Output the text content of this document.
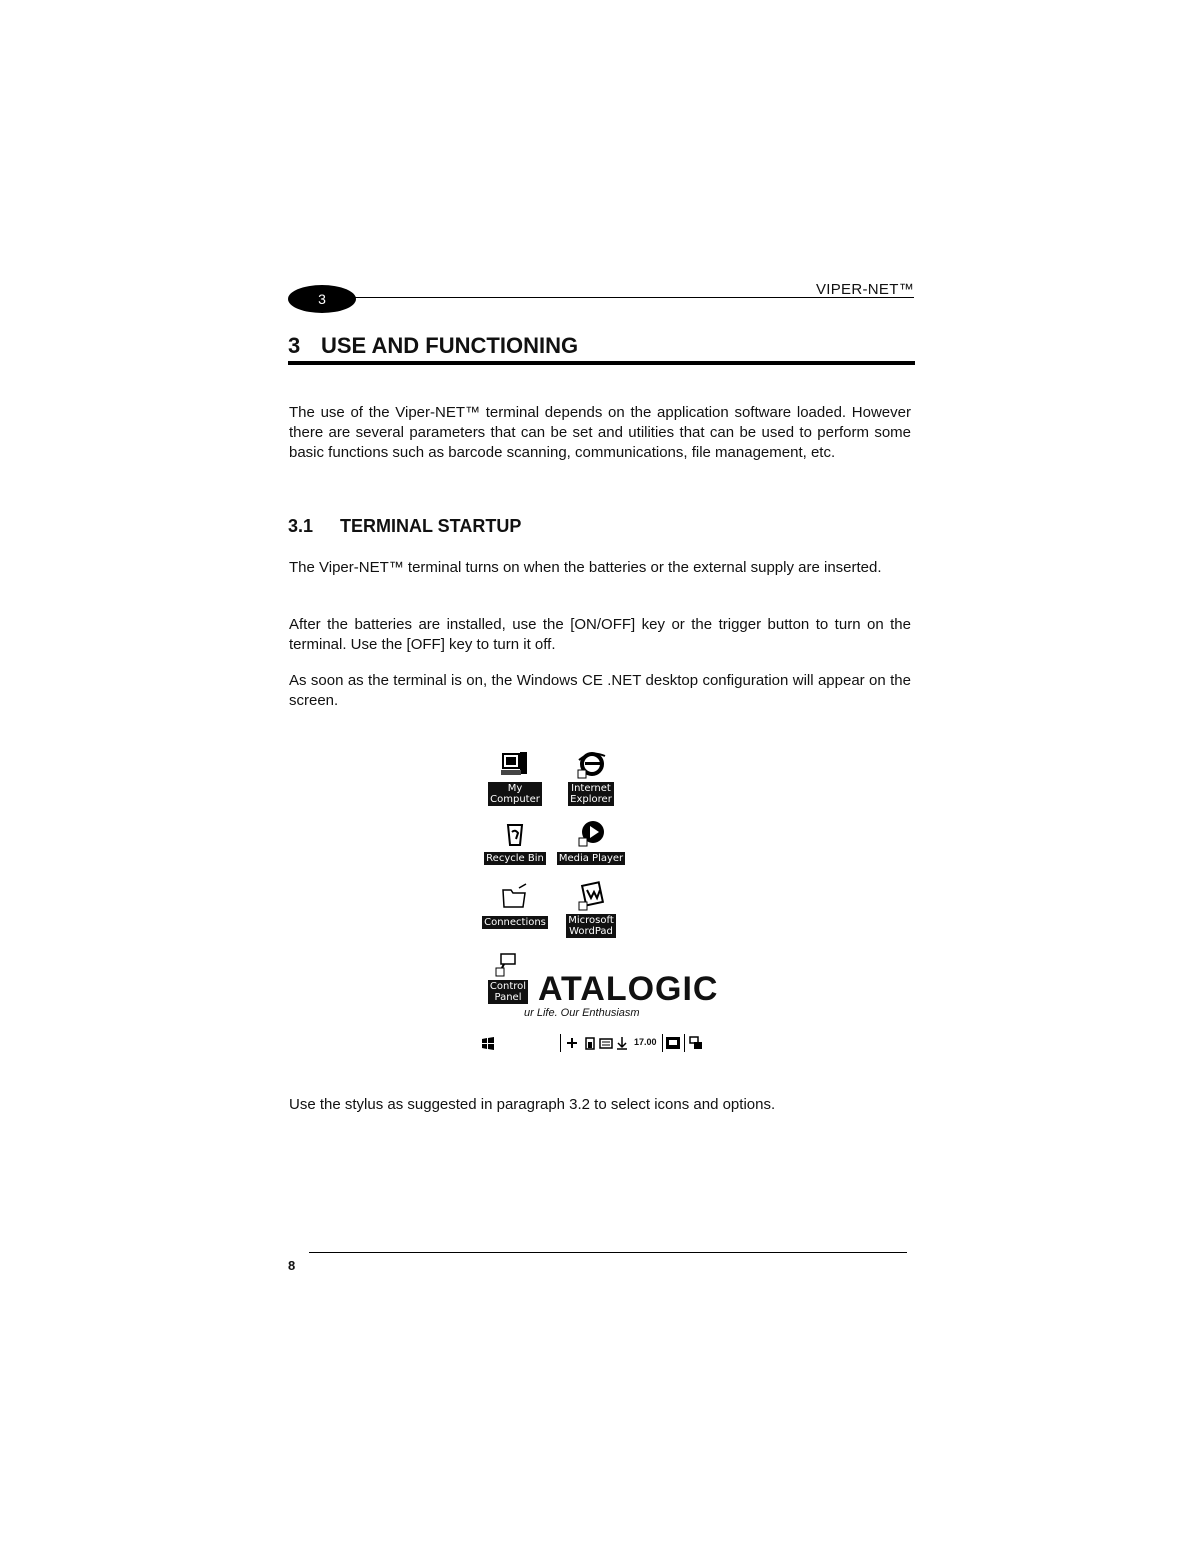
3
VIPER-NET™
3 USE AND FUNCTIONING
The use of the Viper-NET™ terminal depends on the application software loaded. However there are several parameters that can be set and utilities that can be used to perform some basic functions such as barcode scanning, communications, file management, etc.
3.1 TERMINAL STARTUP
The Viper-NET™ terminal turns on when the batteries or the external supply are inserted.
After the batteries are installed, use the [ON/OFF] key or the trigger button to turn on the terminal. Use the [OFF] key to turn it off.
As soon as the terminal is on, the Windows CE .NET desktop configuration will appear on the screen.
My
Computer
Internet
Explorer
Recycle Bin	Media Player
Connections	Microsoft
WordPad
Control
Panel ATALOGIC
ur Life. Our Enthusiasm
17.00
Use the stylus as suggested in paragraph 3.2 to select icons and options.
8
